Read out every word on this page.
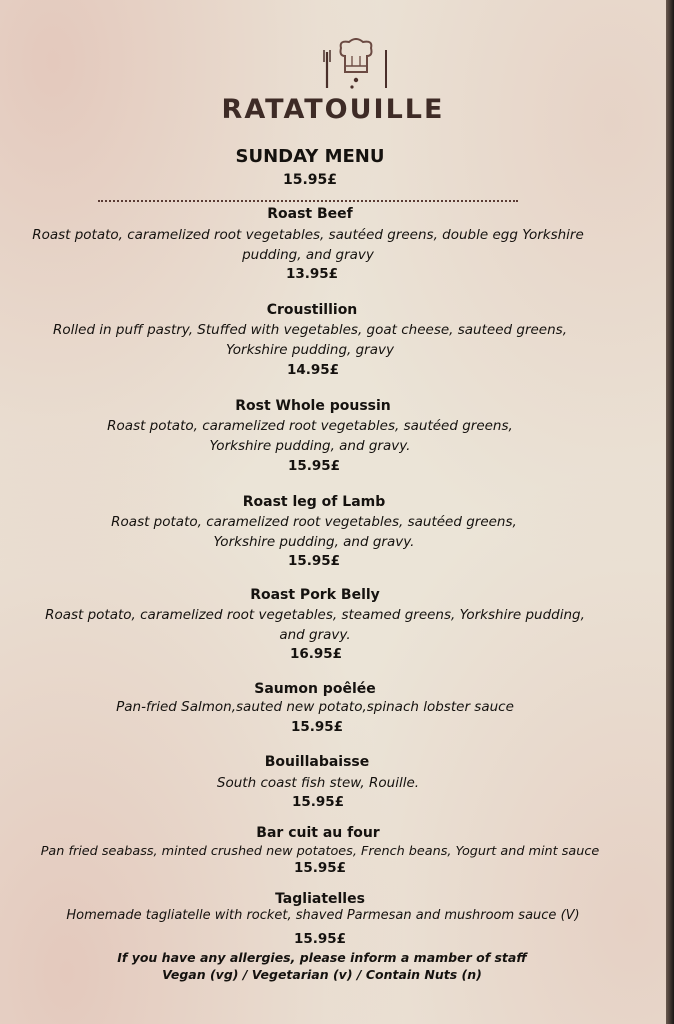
RATATOUILLE
SUNDAY MENU
15.95£
Roast Beef
Roast potato, caramelized root vegetables, sautéed greens, double egg Yorkshire pudding, and gravy
13.95£
Croustillion
Rolled in puff pastry, Stuffed with vegetables, goat cheese, sauteed greens, Yorkshire pudding, gravy
14.95£
Rost Whole poussin
Roast potato, caramelized root vegetables, sautéed greens, Yorkshire pudding, and gravy.
15.95£
Roast leg of Lamb
Roast potato, caramelized root vegetables, sautéed greens, Yorkshire pudding, and gravy.
15.95£
Roast Pork Belly
Roast potato, caramelized root vegetables, steamed greens, Yorkshire pudding, and gravy.
16.95£
Saumon poêlée
Pan-fried Salmon,sauted new potato,spinach lobster sauce
15.95£
Bouillabaisse
South coast fish stew, Rouille.
15.95£
Bar cuit au four
Pan fried seabass, minted crushed new potatoes, French beans, Yogurt and mint sauce
15.95£
Tagliatelles
Homemade tagliatelle with rocket, shaved Parmesan and mushroom sauce (V)
15.95£
If you have any allergies, please inform a mamber of staff
Vegan (vg) / Vegetarian (v) / Contain Nuts (n)
